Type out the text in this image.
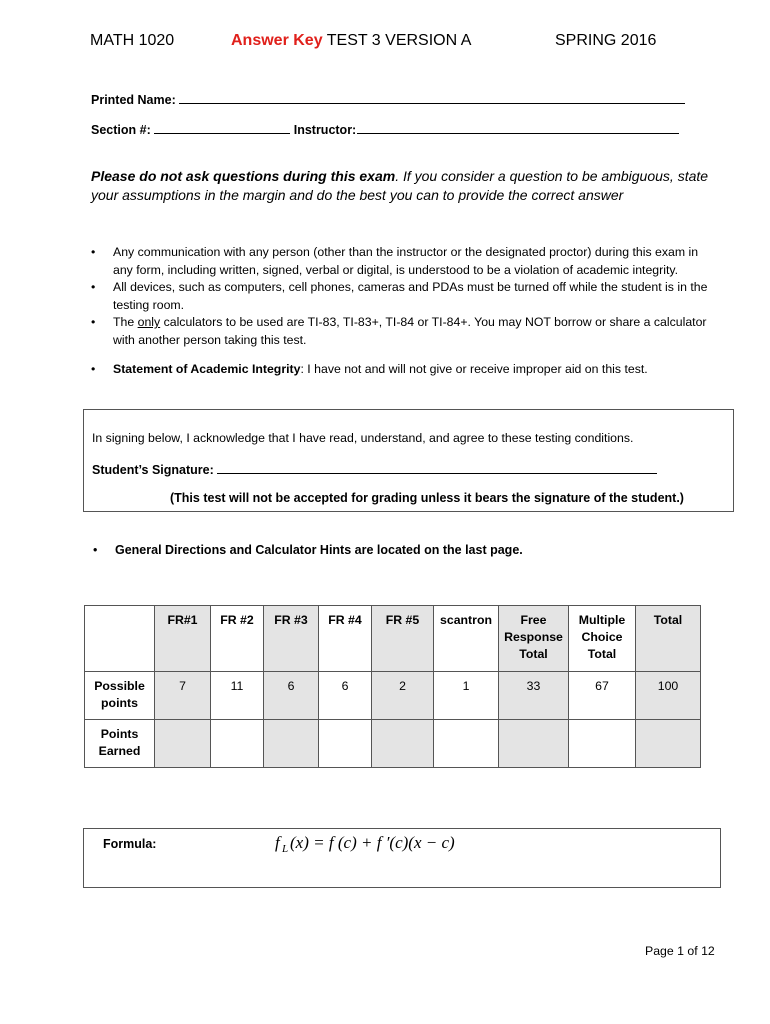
MATH 1020	Answer Key TEST 3 VERSION A	SPRING 2016
Printed Name:
Section #:	Instructor:
Please do not ask questions during this exam. If you consider a question to be ambiguous, state your assumptions in the margin and do the best you can to provide the correct answer
• Any communication with any person (other than the instructor or the designated proctor) during this exam in any form, including written, signed, verbal or digital, is understood to be a violation of academic integrity.
• All devices, such as computers, cell phones, cameras and PDAs must be turned off while the student is in the testing room.
• The only calculators to be used are TI-83, TI-83+, TI-84 or TI-84+. You may NOT borrow or share a calculator with another person taking this test.
• Statement of Academic Integrity: I have not and will not give or receive improper aid on this test.
In signing below, I acknowledge that I have read, understand, and agree to these testing conditions.
Student’s Signature:
(This test will not be accepted for grading unless it bears the signature of the student.)
• General Directions and Calculator Hints are located on the last page.
	FR#1	FR #2	FR #3	FR #4	FR #5	scantron	Free Response Total	Multiple Choice Total	Total
Possible points	7	11	6	6	2	1	33	67	100
Points Earned									
Formula:	f L (x) = f (c) + f ′(c)(x − c)
Page 1 of 12
